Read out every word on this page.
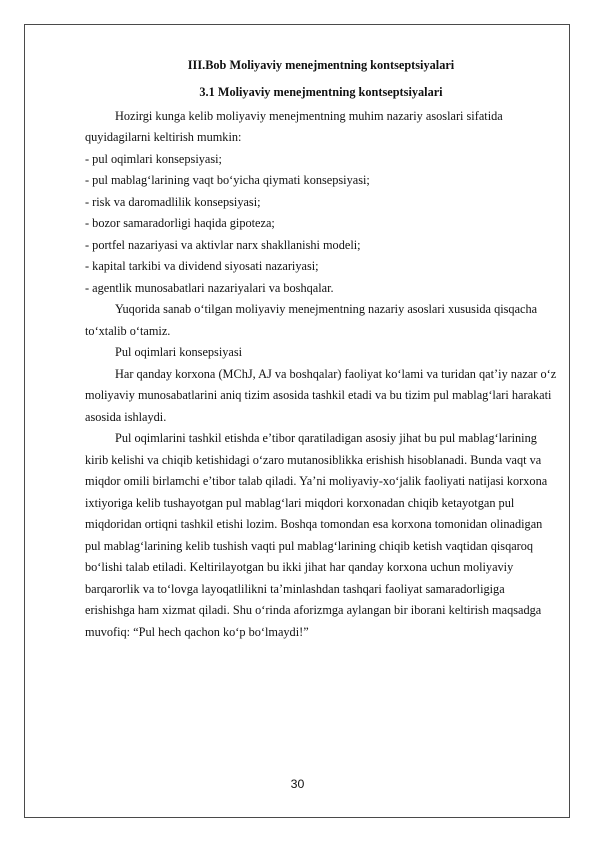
III.Bob Moliyaviy menejmentning kontseptsiyalari

3.1 Moliyaviy menejmentning kontseptsiyalari

Hozirgi kunga kelib moliyaviy menejmentning muhim nazariy asoslari sifatida quyidagilarni keltirish mumkin:

- pul oqimlari konsepsiyasi;

- pul mablag‘larining vaqt bo‘yicha qiymati konsepsiyasi;

- risk va daromadlilik konsepsiyasi;

- bozor samaradorligi haqida gipoteza;

- portfel nazariyasi va aktivlar narx shakllanishi modeli;

- kapital tarkibi va dividend siyosati nazariyasi;

- agentlik munosabatlari nazariyalari va boshqalar.

Yuqorida sanab o‘tilgan moliyaviy menejmentning nazariy asoslari xususida qisqacha to‘xtalib o‘tamiz.

Pul oqimlari konsepsiyasi

Har qanday korxona (MChJ, AJ va boshqalar) faoliyat ko‘lami va turidan qat’iy nazar o‘z moliyaviy munosabatlarini aniq tizim asosida tashkil etadi va bu tizim pul mablag‘lari harakati asosida ishlaydi.

Pul oqimlarini tashkil etishda e’tibor qaratiladigan asosiy jihat bu pul mablag‘larining kirib kelishi va chiqib ketishidagi o‘zaro mutanosiblikka erishish hisoblanadi. Bunda vaqt va miqdor omili birlamchi e’tibor talab qiladi. Ya’ni moliyaviy-xo‘jalik faoliyati natijasi korxona ixtiyoriga kelib tushayotgan pul mablag‘lari miqdori korxonadan chiqib ketayotgan pul miqdoridan ortiqni tashkil etishi lozim. Boshqa tomondan esa korxona tomonidan olinadigan pul mablag‘larining kelib tushish vaqti pul mablag‘larining chiqib ketish vaqtidan qisqaroq bo‘lishi talab etiladi. Keltirilayotgan bu ikki jihat har qanday korxona uchun moliyaviy barqarorlik va to‘lovga layoqatlilikni ta’minlashdan tashqari faoliyat samaradorligiga erishishga ham xizmat qiladi. Shu o‘rinda aforizmga aylangan bir iborani keltirish maqsadga muvofiq: “Pul hech qachon ko‘p bo‘lmaydi!”

30
